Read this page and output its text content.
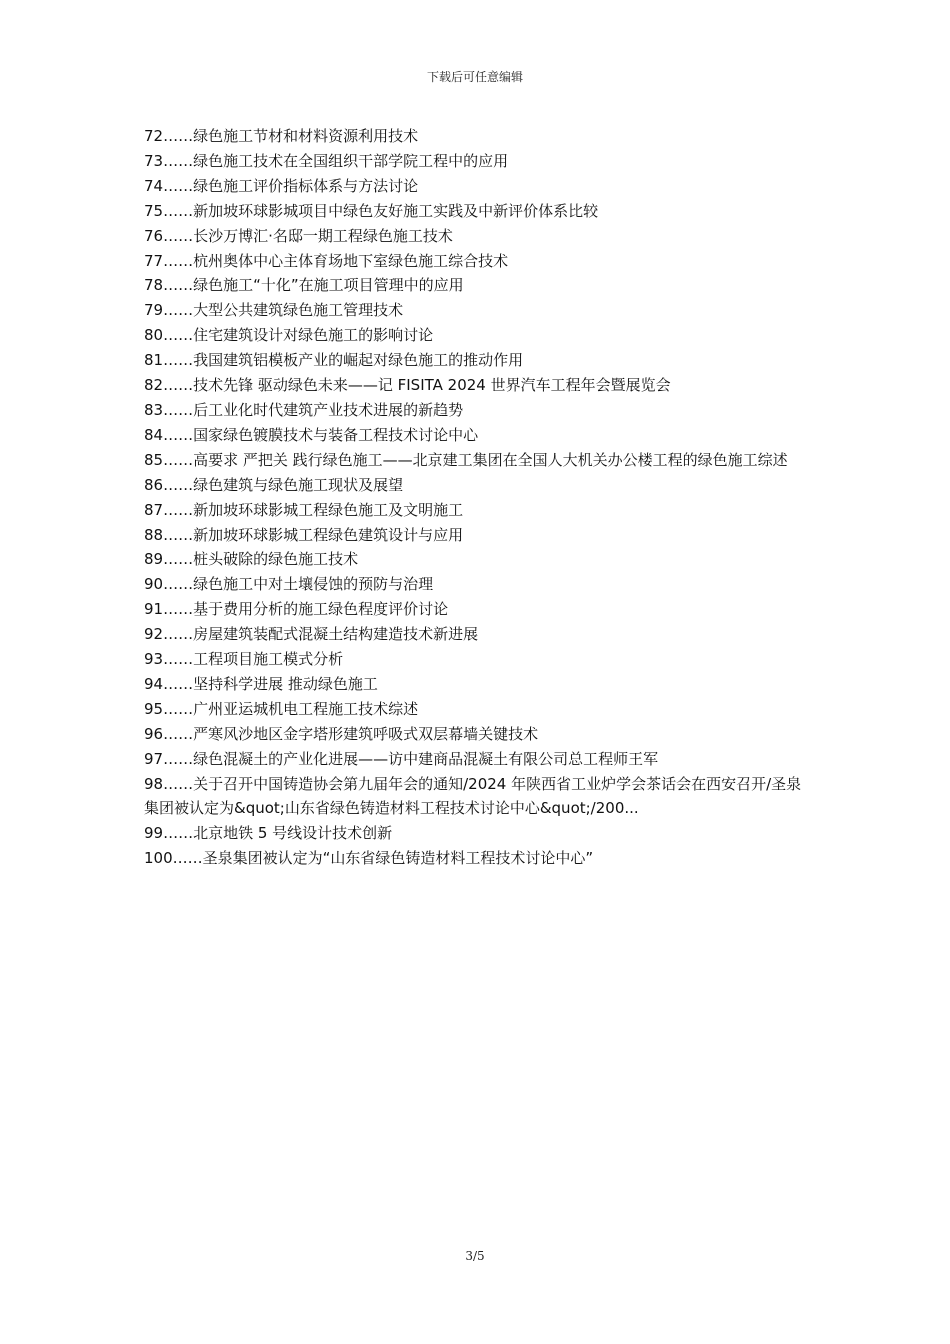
下载后可任意编辑
72……绿色施工节材和材料资源利用技术
73……绿色施工技术在全国组织干部学院工程中的应用
74……绿色施工评价指标体系与方法讨论
75……新加坡环球影城项目中绿色友好施工实践及中新评价体系比较
76……长沙万博汇·名邸一期工程绿色施工技术
77……杭州奥体中心主体育场地下室绿色施工综合技术
78……绿色施工“十化”在施工项目管理中的应用
79……大型公共建筑绿色施工管理技术
80……住宅建筑设计对绿色施工的影响讨论
81……我国建筑铝模板产业的崛起对绿色施工的推动作用
82……技术先锋 驱动绿色未来——记 FISITA 2024 世界汽车工程年会暨展览会
83……后工业化时代建筑产业技术进展的新趋势
84……国家绿色镀膜技术与装备工程技术讨论中心
85……高要求 严把关 践行绿色施工——北京建工集团在全国人大机关办公楼工程的绿色施工综述
86……绿色建筑与绿色施工现状及展望
87……新加坡环球影城工程绿色施工及文明施工
88……新加坡环球影城工程绿色建筑设计与应用
89……桩头破除的绿色施工技术
90……绿色施工中对土壤侵蚀的预防与治理
91……基于费用分析的施工绿色程度评价讨论
92……房屋建筑装配式混凝土结构建造技术新进展
93……工程项目施工模式分析
94……坚持科学进展 推动绿色施工
95……广州亚运城机电工程施工技术综述
96……严寒风沙地区金字塔形建筑呼吸式双层幕墙关键技术
97……绿色混凝土的产业化进展——访中建商品混凝土有限公司总工程师王军
98……关于召开中国铸造协会第九届年会的通知/2024 年陕西省工业炉学会茶话会在西安召开/圣泉集团被认定为&quot;山东省绿色铸造材料工程技术讨论中心&quot;/200...
99……北京地铁 5 号线设计技术创新
100……圣泉集团被认定为“山东省绿色铸造材料工程技术讨论中心”
3/5
